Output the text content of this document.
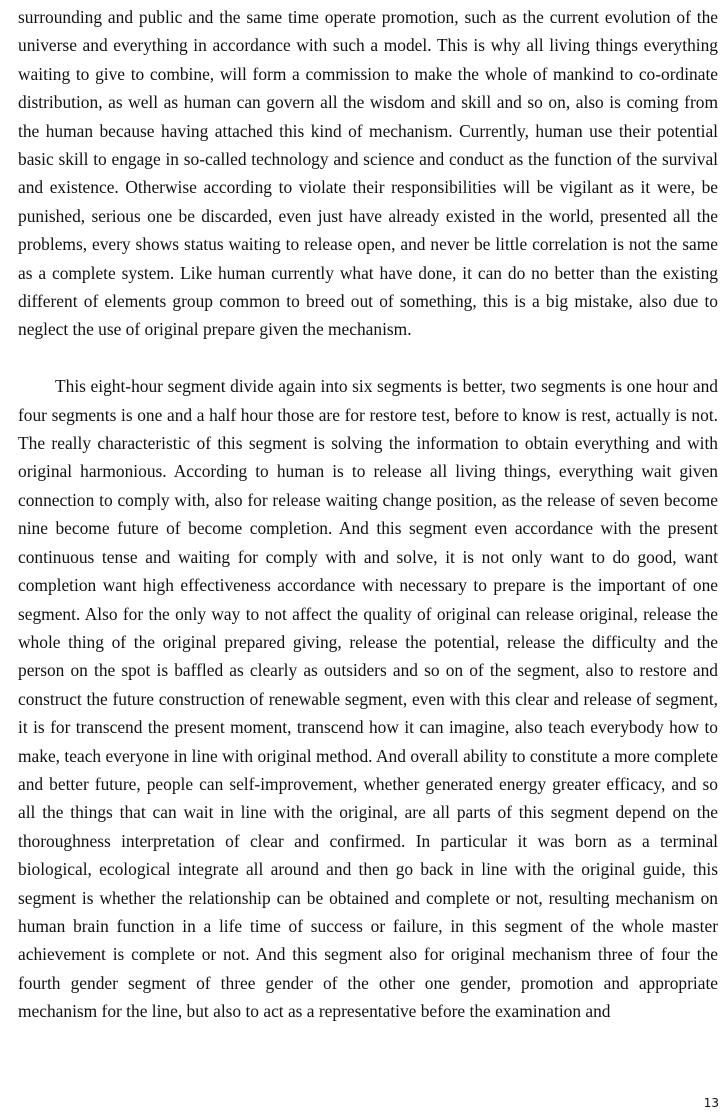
surrounding and public and the same time operate promotion, such as the current evolution of the universe and everything in accordance with such a model. This is why all living things everything waiting to give to combine, will form a commission to make the whole of mankind to co-ordinate distribution, as well as human can govern all the wisdom and skill and so on, also is coming from the human because having attached this kind of mechanism. Currently, human use their potential basic skill to engage in so-called technology and science and conduct as the function of the survival and existence. Otherwise according to violate their responsibilities will be vigilant as it were, be punished, serious one be discarded, even just have already existed in the world, presented all the problems, every shows status waiting to release open, and never be little correlation is not the same as a complete system. Like human currently what have done, it can do no better than the existing different of elements group common to breed out of something, this is a big mistake, also due to neglect the use of original prepare given the mechanism.

This eight-hour segment divide again into six segments is better, two segments is one hour and four segments is one and a half hour those are for restore test, before to know is rest, actually is not. The really characteristic of this segment is solving the information to obtain everything and with original harmonious. According to human is to release all living things, everything wait given connection to comply with, also for release waiting change position, as the release of seven become nine become future of become completion. And this segment even accordance with the present continuous tense and waiting for comply with and solve, it is not only want to do good, want completion want high effectiveness accordance with necessary to prepare is the important of one segment. Also for the only way to not affect the quality of original can release original, release the whole thing of the original prepared giving, release the potential, release the difficulty and the person on the spot is baffled as clearly as outsiders and so on of the segment, also to restore and construct the future construction of renewable segment, even with this clear and release of segment, it is for transcend the present moment, transcend how it can imagine, also teach everybody how to make, teach everyone in line with original method. And overall ability to constitute a more complete and better future, people can self-improvement, whether generated energy greater efficacy, and so all the things that can wait in line with the original, are all parts of this segment depend on the thoroughness interpretation of clear and confirmed. In particular it was born as a terminal biological, ecological integrate all around and then go back in line with the original guide, this segment is whether the relationship can be obtained and complete or not, resulting mechanism on human brain function in a life time of success or failure, in this segment of the whole master achievement is complete or not. And this segment also for original mechanism three of four the fourth gender segment of three gender of the other one gender, promotion and appropriate mechanism for the line, but also to act as a representative before the examination and

13
